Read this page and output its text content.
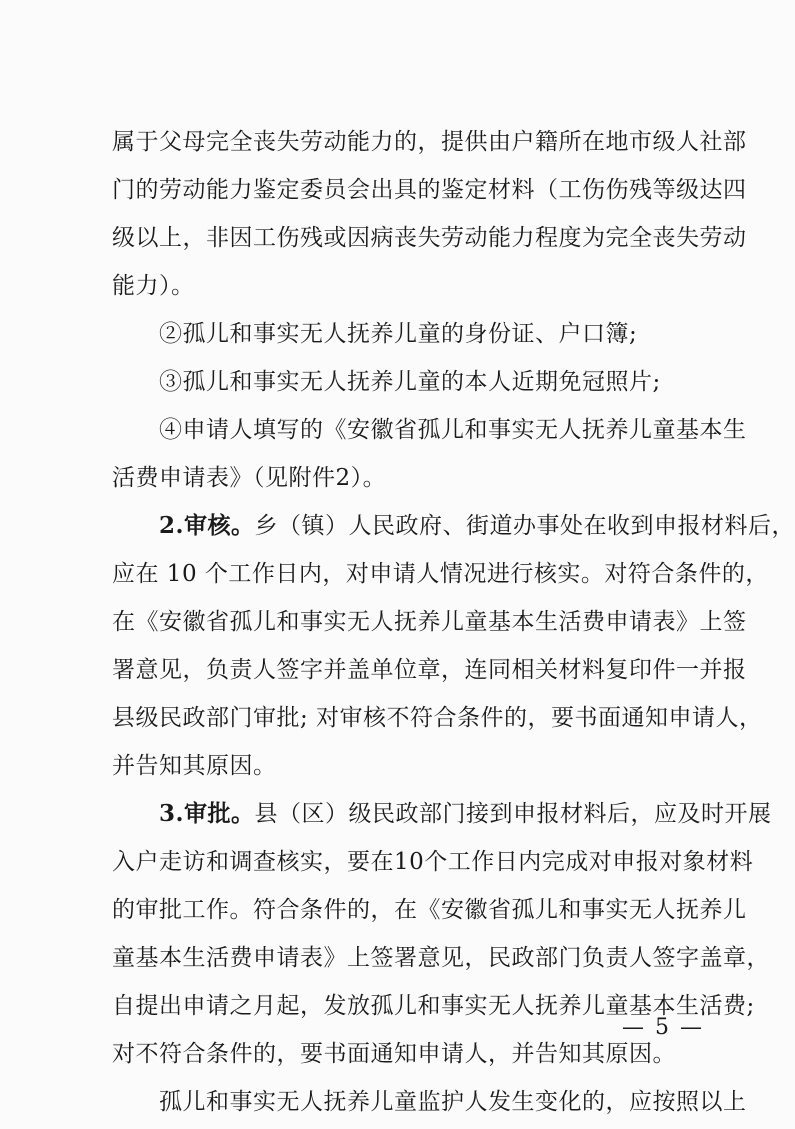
属于父母完全丧失劳动能力的，提供由户籍所在地市级人社部

门的劳动能力鉴定委员会出具的鉴定材料（工伤伤残等级达四

级以上，非因工伤残或因病丧失劳动能力程度为完全丧失劳动

能力）。

②孤儿和事实无人抚养儿童的身份证、户口簿;

③孤儿和事实无人抚养儿童的本人近期免冠照片;

④申请人填写的《安徽省孤儿和事实无人抚养儿童基本生

活费申请表》（见附件2）。

2.审核。乡（镇）人民政府、街道办事处在收到申报材料后，

应在 10 个工作日内，对申请人情况进行核实。对符合条件的，

在《安徽省孤儿和事实无人抚养儿童基本生活费申请表》上签

署意见，负责人签字并盖单位章，连同相关材料复印件一并报

县级民政部门审批; 对审核不符合条件的，要书面通知申请人，

并告知其原因。

3.审批。县（区）级民政部门接到申报材料后，应及时开展

入户走访和调查核实，要在10个工作日内完成对申报对象材料

的审批工作。符合条件的，在《安徽省孤儿和事实无人抚养儿

童基本生活费申请表》上签署意见，民政部门负责人签字盖章，

自提出申请之月起，发放孤儿和事实无人抚养儿童基本生活费;

对不符合条件的，要书面通知申请人，并告知其原因。

孤儿和事实无人抚养儿童监护人发生变化的，应按照以上

— 5 —
